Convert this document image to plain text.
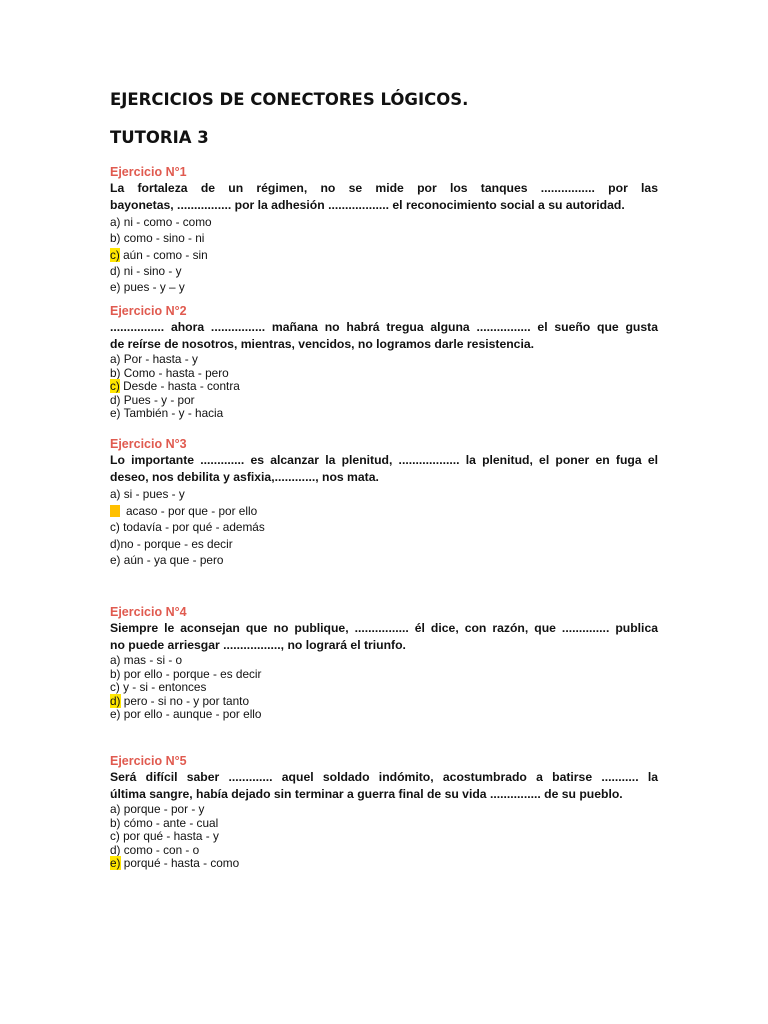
EJERCICIOS DE CONECTORES LÓGICOS.
TUTORIA 3
Ejercicio N°1
La fortaleza de un régimen, no se mide por los tanques ................ por las
bayonetas, ................ por la adhesión .................. el reconocimiento social a su autoridad.
a) ni - como - como
b) como - sino - ni
c) aún - como - sin
d) ni - sino - y
e) pues - y – y
Ejercicio N°2
................ ahora ................ mañana no habrá tregua alguna ................ el sueño que gusta
de reírse de nosotros, mientras, vencidos, no logramos darle resistencia.
a) Por - hasta - y
b) Como - hasta - pero
c) Desde - hasta - contra
d) Pues - y - por
e) También - y - hacia
Ejercicio N°3
Lo importante ............. es alcanzar la plenitud, .................. la plenitud, el poner en fuga el
deseo, nos debilita y asfixia,............, nos mata.
a) si - pues - y
acaso - por que - por ello
c) todavía - por qué - además
d)no - porque - es decir
e) aún - ya que - pero
Ejercicio N°4
Siempre le aconsejan que no publique, ................ él dice, con razón, que .............. publica
no puede arriesgar ................., no logrará el triunfo.
a) mas - si - o
b) por ello - porque - es decir
c) y - si - entonces
d) pero - si no - y por tanto
e) por ello - aunque - por ello
Ejercicio N°5
Será difícil saber ............. aquel soldado indómito, acostumbrado a batirse ........... la
última sangre, había dejado sin terminar a guerra final de su vida ............... de su pueblo.
a) porque - por - y
b) cómo - ante - cual
c) por qué - hasta - y
d) como - con - o
e) porqué - hasta - como
